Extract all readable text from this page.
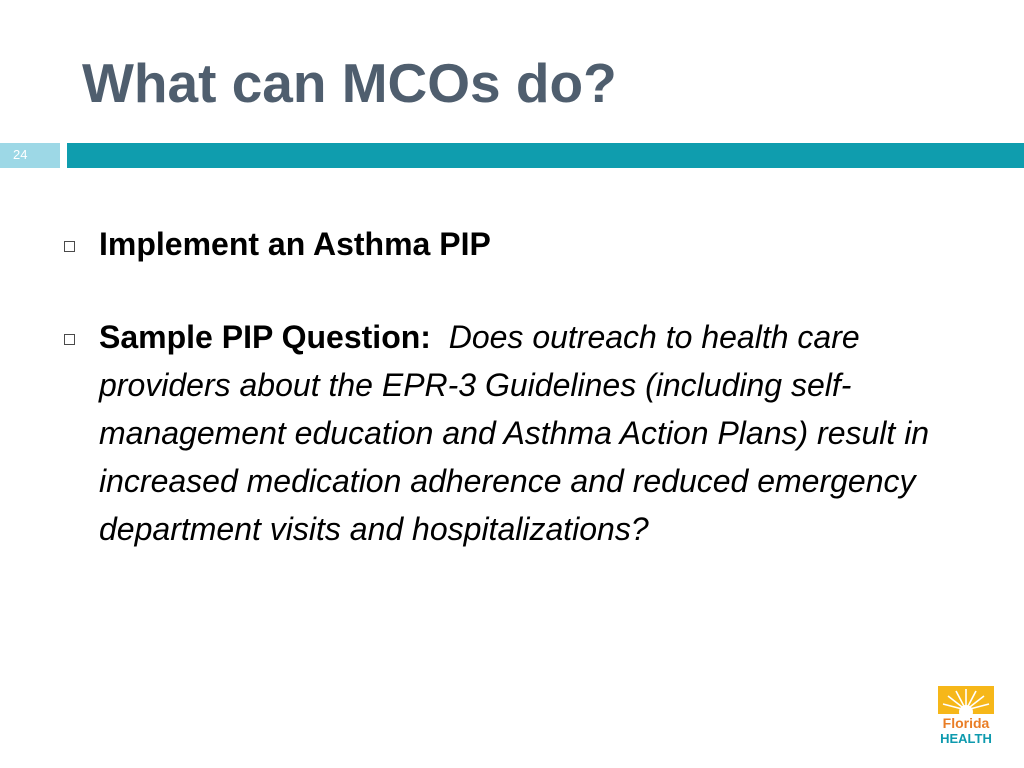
What can MCOs do?
24
Implement an Asthma PIP
Sample PIP Question: Does outreach to health care providers about the EPR-3 Guidelines (including self-management education and Asthma Action Plans) result in increased medication adherence and reduced emergency department visits and hospitalizations?
Florida
HEALTH
